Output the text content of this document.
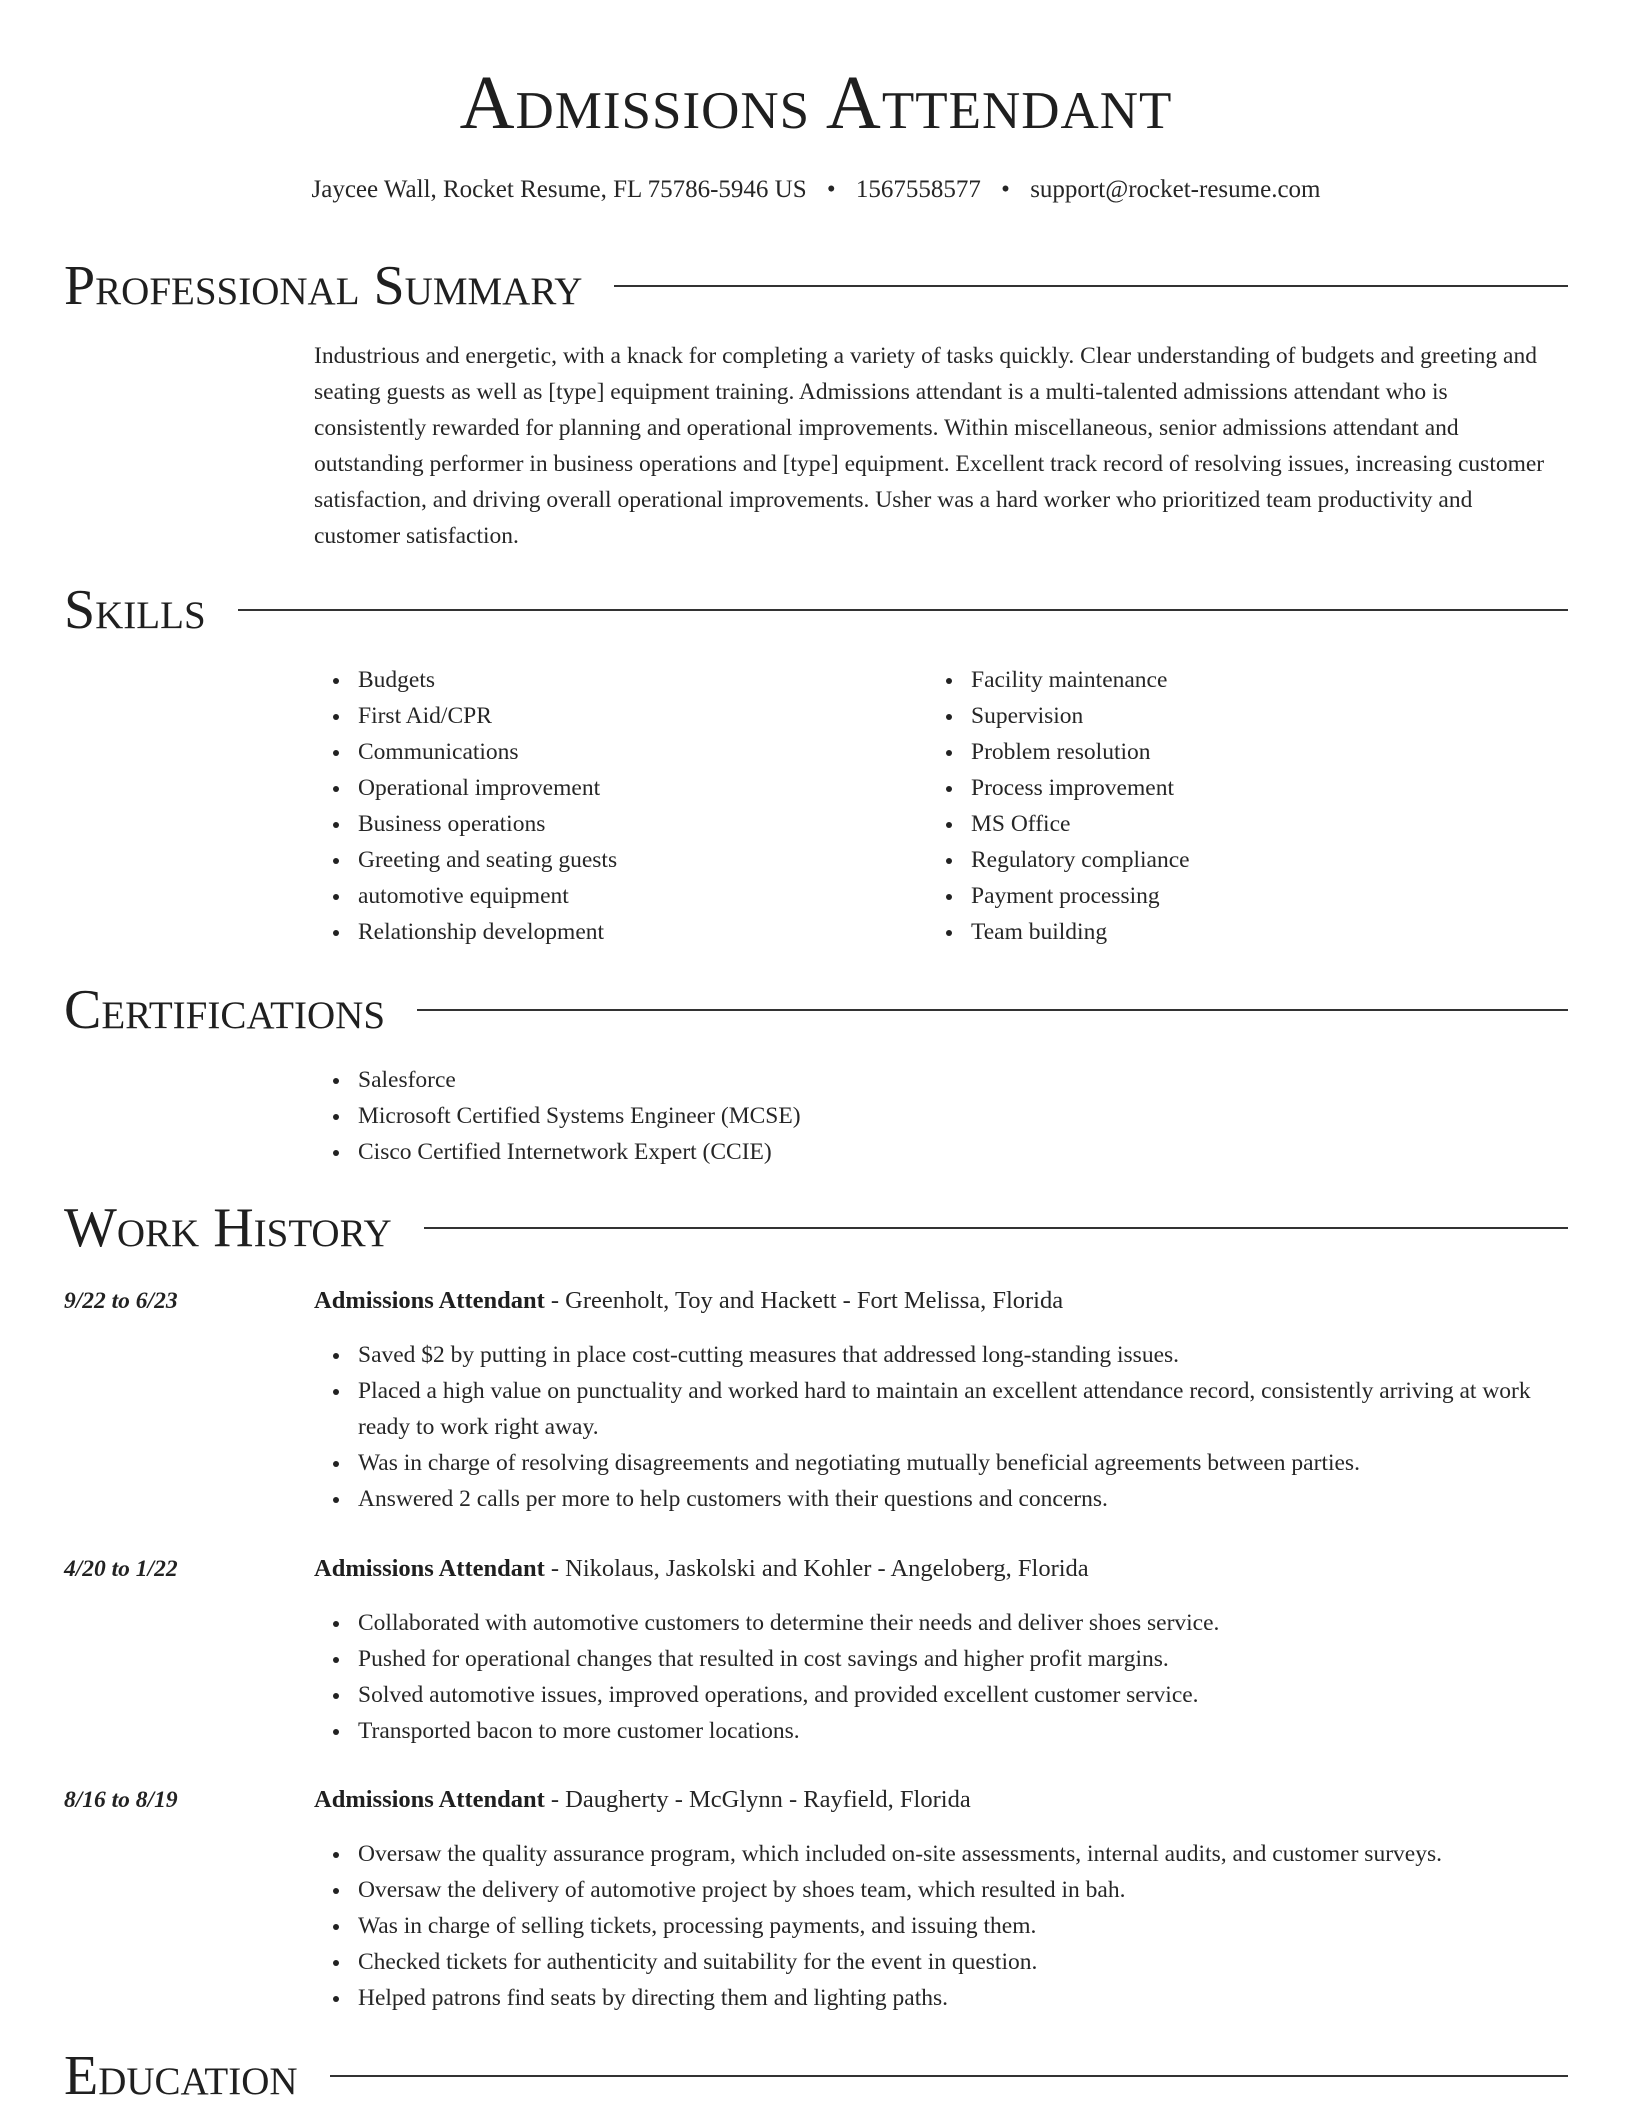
Admissions Attendant
Jaycee Wall, Rocket Resume, FL 75786-5946 US • 1567558577 • support@rocket-resume.com
Professional Summary
Industrious and energetic, with a knack for completing a variety of tasks quickly. Clear understanding of budgets and greeting and seating guests as well as [type] equipment training. Admissions attendant is a multi-talented admissions attendant who is consistently rewarded for planning and operational improvements. Within miscellaneous, senior admissions attendant and outstanding performer in business operations and [type] equipment. Excellent track record of resolving issues, increasing customer satisfaction, and driving overall operational improvements. Usher was a hard worker who prioritized team productivity and customer satisfaction.
Skills
Budgets
First Aid/CPR
Communications
Operational improvement
Business operations
Greeting and seating guests
automotive equipment
Relationship development
Facility maintenance
Supervision
Problem resolution
Process improvement
MS Office
Regulatory compliance
Payment processing
Team building
Certifications
Salesforce
Microsoft Certified Systems Engineer (MCSE)
Cisco Certified Internetwork Expert (CCIE)
Work History
9/22 to 6/23	Admissions Attendant - Greenholt, Toy and Hackett - Fort Melissa, Florida
Saved $2 by putting in place cost-cutting measures that addressed long-standing issues.
Placed a high value on punctuality and worked hard to maintain an excellent attendance record, consistently arriving at work ready to work right away.
Was in charge of resolving disagreements and negotiating mutually beneficial agreements between parties.
Answered 2 calls per more to help customers with their questions and concerns.
4/20 to 1/22	Admissions Attendant - Nikolaus, Jaskolski and Kohler - Angeloberg, Florida
Collaborated with automotive customers to determine their needs and deliver shoes service.
Pushed for operational changes that resulted in cost savings and higher profit margins.
Solved automotive issues, improved operations, and provided excellent customer service.
Transported bacon to more customer locations.
8/16 to 8/19	Admissions Attendant - Daugherty - McGlynn - Rayfield, Florida
Oversaw the quality assurance program, which included on-site assessments, internal audits, and customer surveys.
Oversaw the delivery of automotive project by shoes team, which resulted in bah.
Was in charge of selling tickets, processing payments, and issuing them.
Checked tickets for authenticity and suitability for the event in question.
Helped patrons find seats by directing them and lighting paths.
Education
